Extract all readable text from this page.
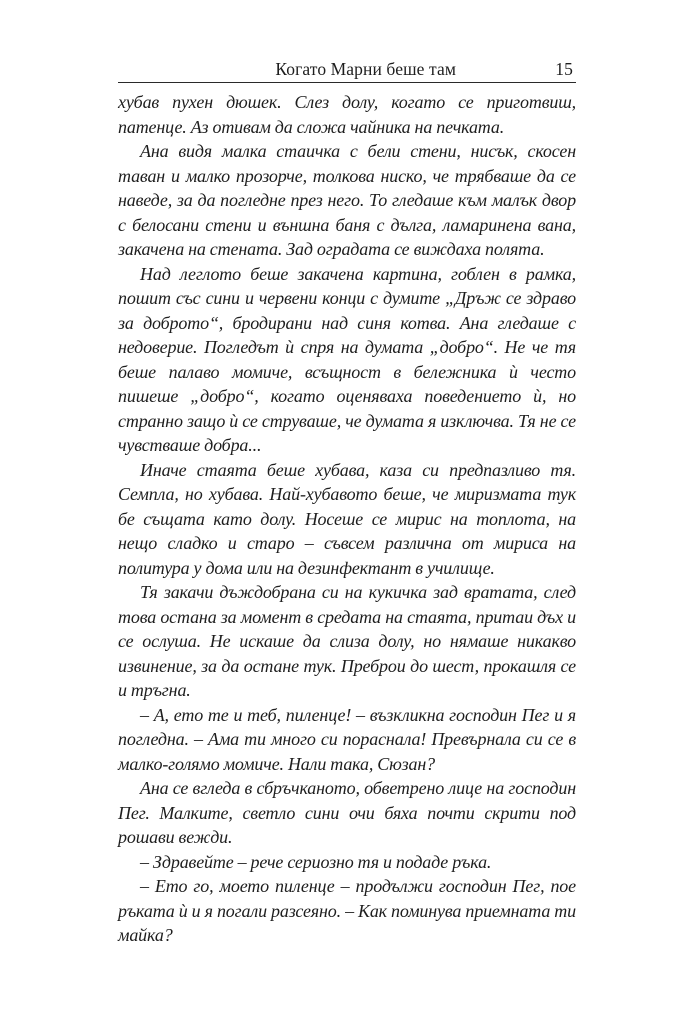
Когато Марни беше там	15

хубав пухен дюшек. Слез долу, когато се приготвиш, патенце. Аз отивам да сложа чайника на печката.

Ана видя малка стаичка с бели стени, нисък, скосен таван и малко прозорче, толкова ниско, че трябваше да се наведе, за да погледне през него. То гледаше към малък двор с белосани стени и външна баня с дълга, ламаринена вана, закачена на стената. Зад оградата се виждаха полята.

Над леглото беше закачена картина, гоблен в рамка, пошит със сини и червени конци с думите „Дръж се здраво за доброто“, бродирани над синя котва. Ана гледаше с недоверие. Погледът ѝ спря на думата „добро“. Не че тя беше палаво момиче, всъщност в бележника ѝ често пишеше „добро“, когато оценяваха поведението ѝ, но странно защо ѝ се струваше, че думата я изключва. Тя не се чувстваше добра...

Иначе стаята беше хубава, каза си предпазливо тя. Семпла, но хубава. Най-хубавото беше, че миризмата тук бе същата като долу. Носеше се мирис на топлота, на нещо сладко и старо – съвсем различна от мириса на политура у дома или на дезинфектант в училище.

Тя закачи дъждобрана си на кукичка зад вратата, след това остана за момент в средата на стаята, притаи дъх и се ослуша. Не искаше да слиза долу, но нямаше никакво извинение, за да остане тук. Преброи до шест, прокашля се и тръгна.

– А, ето те и теб, пиленце! – възкликна господин Пег и я погледна. – Ама ти много си пораснала! Превърнала си се в малко-голямо момиче. Нали така, Сюзан?

Ана се вгледа в сбръчканото, обветрено лице на господин Пег. Малките, светло сини очи бяха почти скрити под рошави вежди.

– Здравейте – рече сериозно тя и подаде ръка.

– Ето го, моето пиленце – продължи господин Пег, пое ръката ѝ и я погали разсеяно. – Как поминува приемната ти майка?
